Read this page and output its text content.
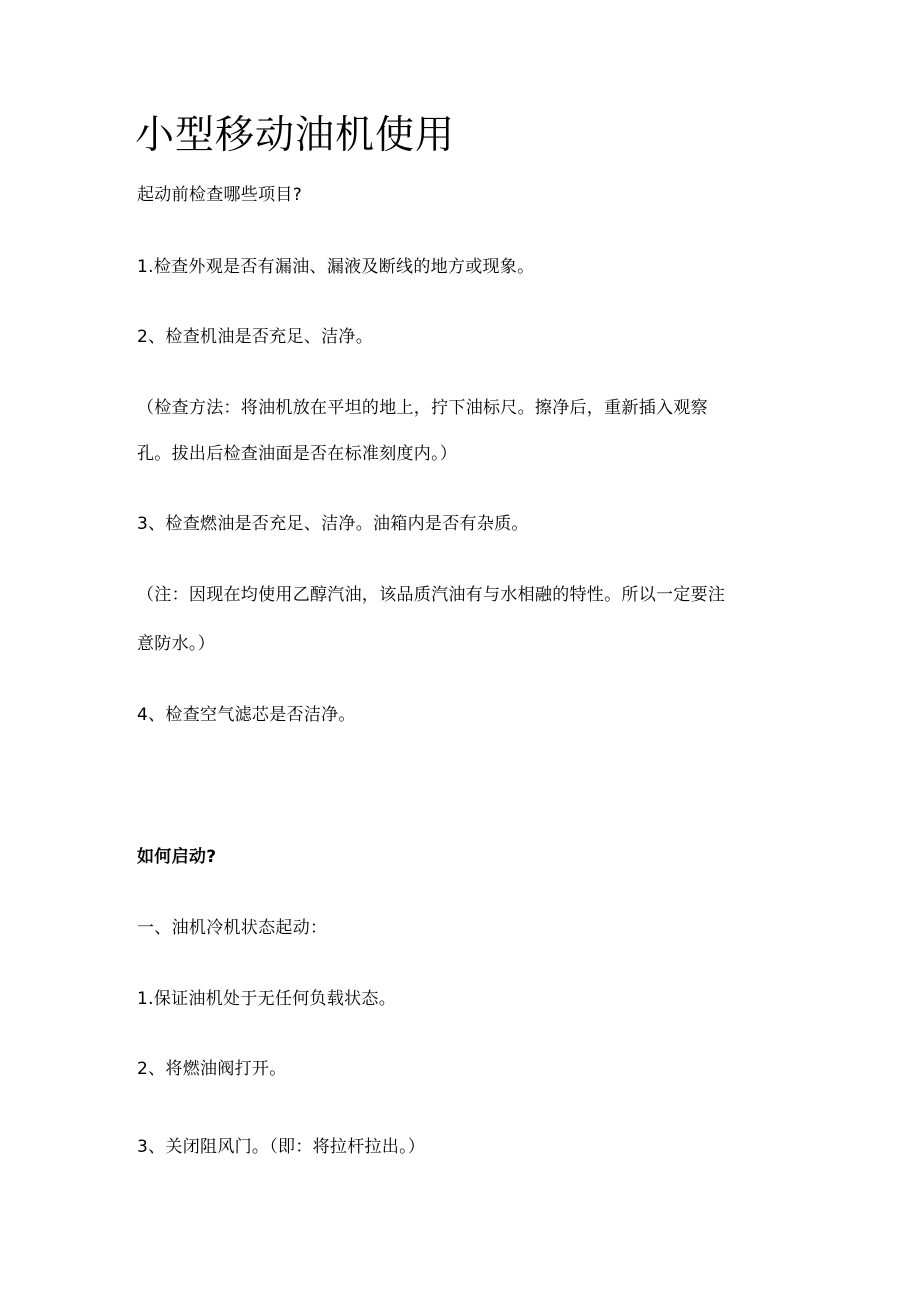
小型移动油机使用
起动前检查哪些项目?
1.检查外观是否有漏油、漏液及断线的地方或现象。
2、检查机油是否充足、洁净。
（检查方法：将油机放在平坦的地上，拧下油标尺。擦净后，重新插入观察
孔。拔出后检查油面是否在标准刻度内。）
3、检查燃油是否充足、洁净。油箱内是否有杂质。
（注：因现在均使用乙醇汽油，该品质汽油有与水相融的特性。所以一定要注
意防水。）
4、检查空气滤芯是否洁净。
如何启动?
一、油机冷机状态起动：
1.保证油机处于无任何负载状态。
2、将燃油阀打开。
3、关闭阻风门。（即：将拉杆拉出。）
